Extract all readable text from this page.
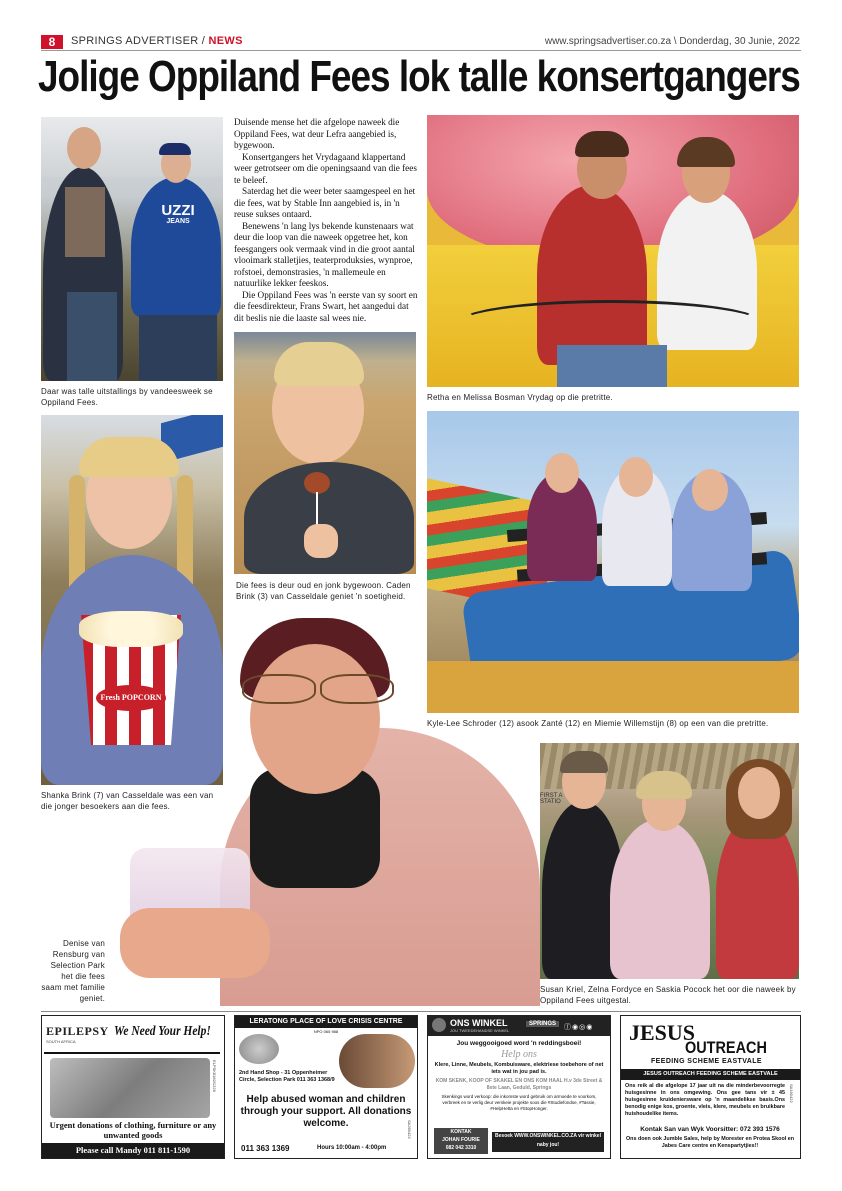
8	SPRINGS ADVERTISER / NEWS	www.springsadvertiser.co.za \ Donderdag, 30 Junie, 2022
Jolige Oppiland Fees lok talle konsertgangers
UZZI
JEANS
Daar was talle uitstallings by vandeesweek se Oppiland Fees.

Duisende mense het die afgelope naweek die Oppiland Fees, wat deur Lefra aangebied is, bygewoon.

Konsertgangers het Vrydagaand klappertand weer getrotseer om die openingsaand van die fees te beleef.

Saterdag het die weer beter saamgespeel en het die fees, wat by Stable Inn aangebied is, in 'n reuse sukses ontaard.

Benewens 'n lang lys bekende kunstenaars wat deur die loop van die naweek opgetree het, kon feesgangers ook vermaak vind in die groot aantal vlooimark stalletjies, teaterproduksies, wynproe, rofstoei, demonstrasies, 'n mallemeule en natuurlike lekker feeskos.

Die Oppiland Fees was 'n eerste van sy soort en die feesdirekteur, Frans Swart, het aangedui dat dit beslis nie die laaste sal wees nie.

Retha en Melissa Bosman Vrydag op die pretritte.
Fresh POPCORN
Shanka Brink (7) van Casseldale was een van die jonger besoekers aan die fees.
Die fees is deur oud en jonk bygewoon. Caden Brink (3) van Casseldale geniet 'n soetigheid.
Kyle-Lee Schroder (12) asook Zanté (12) en Miemie Willemstijn (8) op een van die pretritte.
Denise van Rensburg van Selection Park het die fees saam met familie geniet.
FIRST A
STATIO
Susan Kriel, Zelna Fordyce en Saskia Pocock het oor die naweek by Oppiland Fees uitgestal.
EPILEPSY
SOUTH AFRICA
We Need Your Help!
ELPSK8182/1226
Urgent donations of clothing, furniture or any unwanted goods
Please call Mandy 011 811-1590
LERATONG PLACE OF LOVE CRISIS CENTRE
NPO 065 988
2nd Hand Shop - 31 Oppenheimer Circle, Selection Park 011 363 1368/9
Help abused woman and children through your support. All donations welcome.
011 363 1369	Hours 10:00am - 4:00pm
SA260422
ONS WINKEL
JOU TWEEDEHANDSE WINKEL
SPRINGS	ⓕ◉◎◉
Jou weggooigoed word 'n reddingsboei!
Help ons
Klere, Linne, Meubels, Kombuisware, elektriese toebehore of net iets wat in jou pad is.
KOM SKENK, KOOP OF SKAKEL EN ONS KOM HAAL H.v 3de Street & 8ste Laan, Geduld, Springs
Skenkings word verkoop: die inkomste word gebruik om armoede te voorkom, verbreek en te verlig deur verskeie projekte soos die #Studiefondse, #Tassie, #HelpHetta en #StopHonger.
KONTAK
JOHAN FOURIE
082 042 3310
Besoek WWW.ONSWINKEL.CO.ZA vir winkel naby jou!
JESUS
OUTREACH
FEEDING SCHEME EASTVALE
JESUS OUTREACH FEEDING SCHEME EASTVALE
Ons reik al die afgelope 17 jaar uit na die minderbevoorregte huisgesinne in ons omgewing. Ons gee tans vir ± 45 huisgesinne kruideniersware op 'n maandelikse basis.Ons benodig enige kos, groente, vleis, klere, meubels en bruikbare huishoudelike items.
Kontak San van Wyk Voorsitter: 072 393 1576
Ons doen ook Jumble Sales, help by Morester en Protea Skool en Jabes Care centre en Kenspartytjies!!
SA160422
